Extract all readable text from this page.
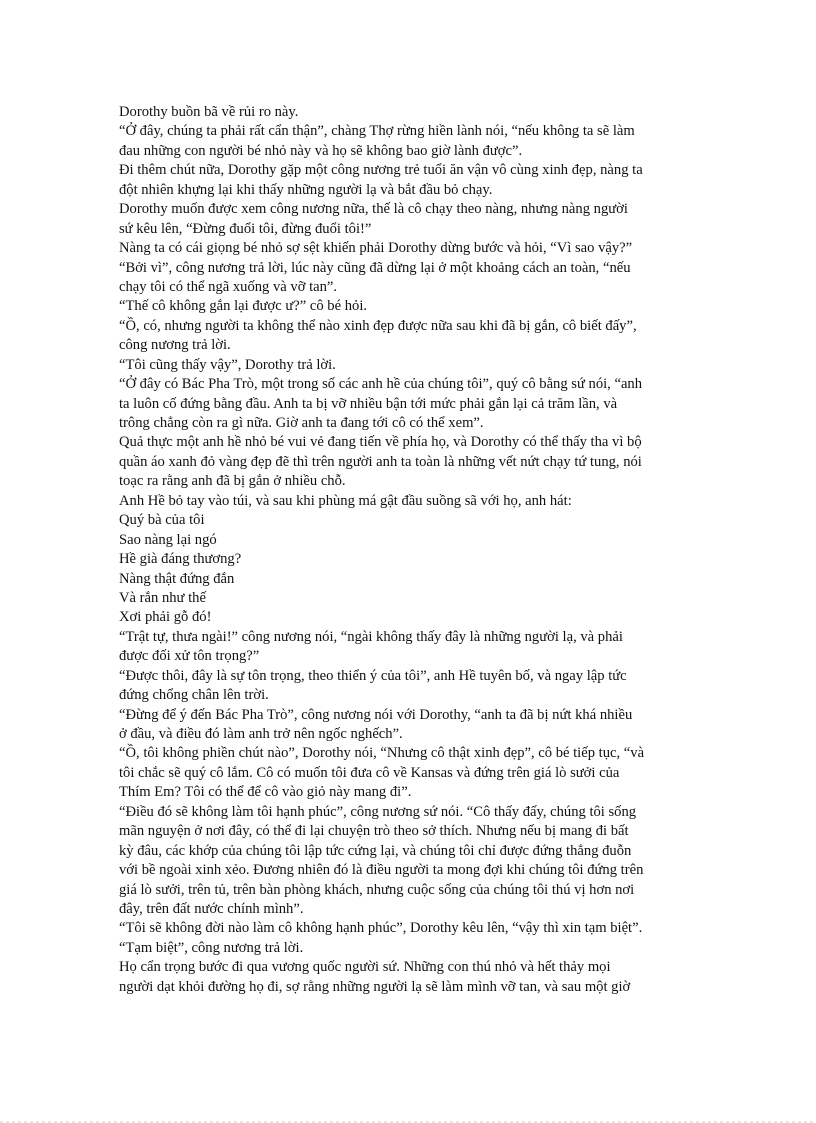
Dorothy buồn bã về rủi ro này.
“Ở đây, chúng ta phải rất cẩn thận”, chàng Thợ rừng hiền lành nói, “nếu không ta sẽ làm
đau những con người bé nhỏ này và họ sẽ không bao giờ lành được”.
Đi thêm chút nữa, Dorothy gặp một công nương trẻ tuổi ăn vận vô cùng xinh đẹp, nàng ta
đột nhiên khựng lại khi thấy những người lạ và bắt đầu bỏ chạy.
Dorothy muốn được xem công nương nữa, thế là cô chạy theo nàng, nhưng nàng người
sứ kêu lên, “Đừng đuổi tôi, đừng đuổi tôi!”
Nàng ta có cái giọng bé nhỏ sợ sệt khiến phải Dorothy dừng bước và hỏi, “Vì sao vậy?”
“Bởi vì”, công nương trả lời, lúc này cũng đã dừng lại ở một khoảng cách an toàn, “nếu
chạy tôi có thể ngã xuống và vỡ tan”.
“Thế cô không gắn lại được ư?” cô bé hỏi.
“Ồ, có, nhưng người ta không thể nào xinh đẹp được nữa sau khi đã bị gắn, cô biết đấy”,
công nương trả lời.
“Tôi cũng thấy vậy”, Dorothy trả lời.
“Ở đây có Bác Pha Trò, một trong số các anh hề của chúng tôi”, quý cô bằng sứ nói, “anh
ta luôn cố đứng bằng đầu. Anh ta bị vỡ nhiều bận tới mức phải gắn lại cả trăm lần, và
trông chẳng còn ra gì nữa. Giờ anh ta đang tới cô có thể xem”.
Quả thực một anh hề nhỏ bé vui vẻ đang tiến về phía họ, và Dorothy có thể thấy tha vì bộ
quần áo xanh đỏ vàng đẹp đẽ thì trên người anh ta toàn là những vết nứt chạy tứ tung, nói
toạc ra rằng anh đã bị gắn ở nhiều chỗ.
Anh Hề bỏ tay vào túi, và sau khi phùng má gật đầu suồng sã với họ, anh hát:
Quý bà của tôi
Sao nàng lại ngó
Hề già đáng thương?
Nàng thật đứng đắn
Và rắn như thế
Xơi phải gỗ đó!
“Trật tự, thưa ngài!” công nương nói, “ngài không thấy đây là những người lạ, và phải
được đối xử tôn trọng?”
“Được thôi, đây là sự tôn trọng, theo thiển ý của tôi”, anh Hề tuyên bố, và ngay lập tức
đứng chổng chân lên trời.
“Đừng để ý đến Bác Pha Trò”, công nương nói với Dorothy, “anh ta đã bị nứt khá nhiều
ở đầu, và điều đó làm anh trở nên ngốc nghếch”.
“Ồ, tôi không phiền chút nào”, Dorothy nói, “Nhưng cô thật xinh đẹp”, cô bé tiếp tục, “và
tôi chắc sẽ quý cô lắm. Cô có muốn tôi đưa cô về Kansas và đứng trên giá lò sưởi của
Thím Em? Tôi có thể để cô vào giỏ này mang đi”.
“Điều đó sẽ không làm tôi hạnh phúc”, công nương sứ nói. “Cô thấy đấy, chúng tôi sống
mãn nguyện ở nơi đây, có thể đi lại chuyện trò theo sở thích. Nhưng nếu bị mang đi bất
kỳ đâu, các khớp của chúng tôi lập tức cứng lại, và chúng tôi chỉ được đứng thẳng đuỗn
với bề ngoài xinh xẻo. Đương nhiên đó là điều người ta mong đợi khi chúng tôi đứng trên
giá lò sưởi, trên tủ, trên bàn phòng khách, nhưng cuộc sống của chúng tôi thú vị hơn nơi
đây, trên đất nước chính mình”.
“Tôi sẽ không đời nào làm cô không hạnh phúc”, Dorothy kêu lên, “vậy thì xin tạm biệt”.
“Tạm biệt”, công nương trả lời.
Họ cẩn trọng bước đi qua vương quốc người sứ. Những con thú nhỏ và hết thảy mọi
người dạt khỏi đường họ đi, sợ rằng những người lạ sẽ làm mình vỡ tan, và sau một giờ
